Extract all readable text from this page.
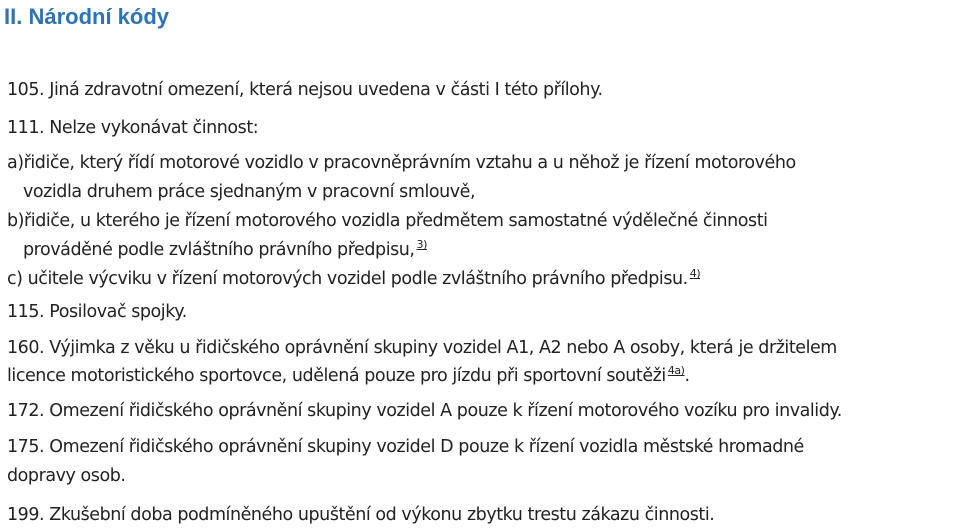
II. Národní kódy
105. Jiná zdravotní omezení, která nejsou uvedena v části I této přílohy.
111. Nelze vykonávat činnost:
a)řidiče, který řídí motorové vozidlo v pracovněprávním vztahu a u něhož je řízení motorového
vozidla druhem práce sjednaným v pracovní smlouvě,
b)řidiče, u kterého je řízení motorového vozidla předmětem samostatné výdělečné činnosti
prováděné podle zvláštního právního předpisu, $^{3)}$
c) učitele výcviku v řízení motorových vozidel podle zvláštního právního předpisu. $^{4)}$
115. Posilovač spojky.
160. Výjimka z věku u řidičského oprávnění skupiny vozidel A1, A2 nebo A osoby, která je držitelem
licence motoristického sportovce, udělená pouze pro jízdu při sportovní soutěži $^{4a)}$.
172. Omezení řidičského oprávnění skupiny vozidel A pouze k řízení motorového vozíku pro invalidy.
175. Omezení řidičského oprávnění skupiny vozidel D pouze k řízení vozidla městské hromadné
dopravy osob.
199. Zkušební doba podmíněného upuštění od výkonu zbytku trestu zákazu činnosti.
